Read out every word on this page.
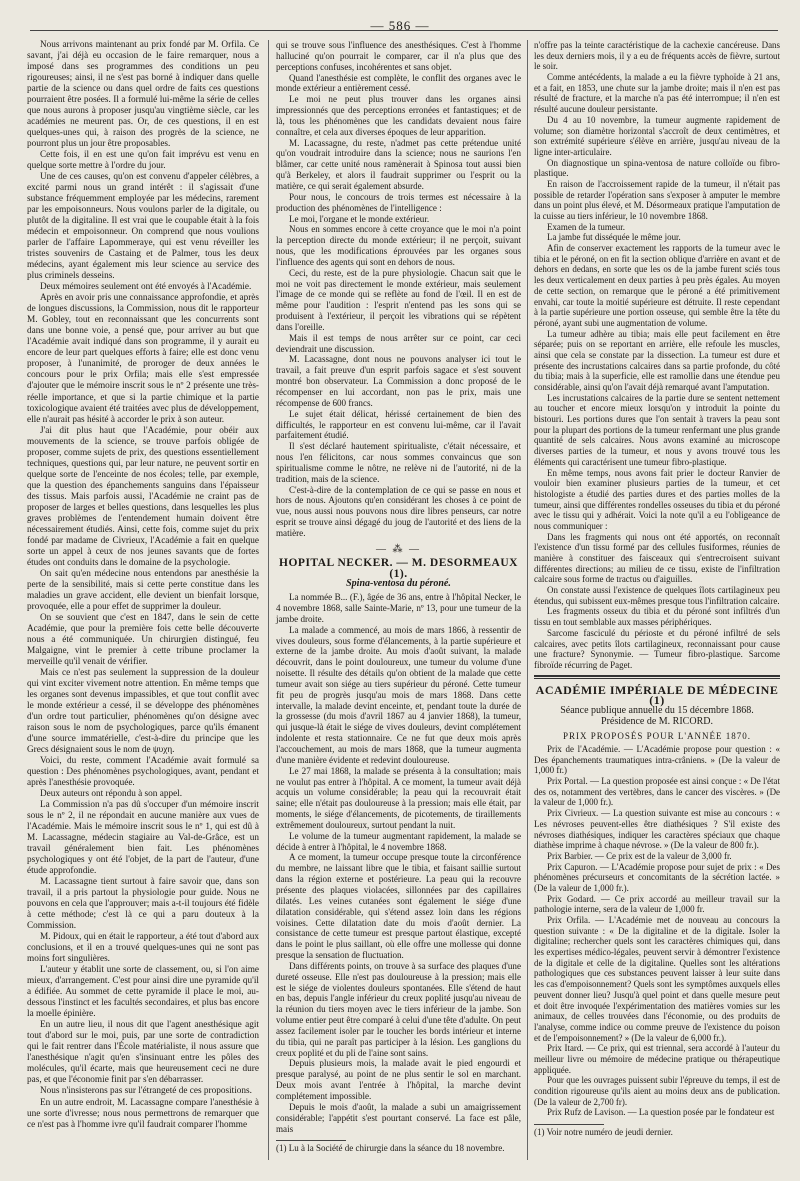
— 586 —

Nous arrivons maintenant au prix fondé par M. Orfila. Ce savant, j'ai déjà eu occasion de le faire remarquer, nous a imposé dans ses programmes des conditions un peu rigoureuses; ainsi, il ne s'est pas borné à indiquer dans quelle partie de la science ou dans quel ordre de faits ces questions pourraient être posées. Il a formulé lui-même la série de celles que nous aurons à proposer jusqu'au vingtième siècle, car les académies ne meurent pas. Or, de ces questions, il en est quelques-unes qui, à raison des progrès de la science, ne pourront plus un jour être proposables.

Cette fois, il en est une qu'on fait imprévu est venu en quelque sorte mettre à l'ordre du jour.

Une de ces causes, qu'on est convenu d'appeler célèbres, a excité parmi nous un grand intérêt : il s'agissait d'une substance fréquemment employée par les médecins, rarement par les empoisonneurs. Nous voulons parler de la digitale, ou plutôt de la digitaline. Il est vrai que le coupable était à la fois médecin et empoisonneur. On comprend que nous voulions parler de l'affaire Lapommeraye, qui est venu réveiller les tristes souvenirs de Castaing et de Palmer, tous les deux médecins, ayant également mis leur science au service des plus criminels desseins.

Deux mémoires seulement ont été envoyés à l'Académie.

Après en avoir pris une connaissance approfondie, et après de longues discussions, la Commission, nous dit le rapporteur M. Gobley, tout en reconnaissant que les concurrents sont dans une bonne voie, a pensé que, pour arriver au but que l'Académie avait indiqué dans son programme, il y aurait eu encore de leur part quelques efforts à faire; elle est donc venu proposer, à l'unanimité, de proroger de deux années le concours pour le prix Orfila; mais elle s'est empressée d'ajouter que le mémoire inscrit sous le nº 2 présente une très-réelle importance, et que si la partie chimique et la partie toxicologique avaient été traitées avec plus de développement, elle n'aurait pas hésité à accorder le prix à son auteur.

J'ai dit plus haut que l'Académie, pour obéir aux mouvements de la science, se trouve parfois obligée de proposer, comme sujets de prix, des questions essentiellement techniques, questions qui, par leur nature, ne peuvent sortir en quelque sorte de l'enceinte de nos écoles; telle, par exemple, que la question des épanchements sanguins dans l'épaisseur des tissus. Mais parfois aussi, l'Académie ne craint pas de proposer de larges et belles questions, dans lesquelles les plus graves problèmes de l'entendement humain doivent être nécessairement étudiés. Ainsi, cette fois, comme sujet du prix fondé par madame de Civrieux, l'Académie a fait en quelque sorte un appel à ceux de nos jeunes savants que de fortes études ont conduits dans le domaine de la psychologie.

On sait qu'en médecine nous entendons par anesthésie la perte de la sensibilité, mais si cette perte constitue dans les maladies un grave accident, elle devient un bienfait lorsque, provoquée, elle a pour effet de supprimer la douleur.

On se souvient que c'est en 1847, dans le sein de cette Académie, que pour la première fois cette belle découverte nous a été communiquée. Un chirurgien distingué, feu Malgaigne, vint le premier à cette tribune proclamer la merveille qu'il venait de vérifier.

Mais ce n'est pas seulement la suppression de la douleur qui vint exciter vivement notre attention. En même temps que les organes sont devenus impassibles, et que tout conflit avec le monde extérieur a cessé, il se développe des phénomènes d'un ordre tout particulier, phénomènes qu'on désigne avec raison sous le nom de psychologiques, parce qu'ils émanent d'une source immatérielle, c'est-à-dire du principe que les Grecs désignaient sous le nom de ψυχη.

Voici, du reste, comment l'Académie avait formulé sa question : Des phénomènes psychologiques, avant, pendant et après l'anesthésie provoquée.

Deux auteurs ont répondu à son appel.

La Commission n'a pas dû s'occuper d'un mémoire inscrit sous le nº 2, il ne répondait en aucune manière aux vues de l'Académie. Mais le mémoire inscrit sous le nº 1, qui est dû à M. Lacassagne, médecin stagiaire au Val-de-Grâce, est un travail généralement bien fait. Les phénomènes psychologiques y ont été l'objet, de la part de l'auteur, d'une étude approfondie.

M. Lacassagne tient surtout à faire savoir que, dans son travail, il a pris partout la physiologie pour guide. Nous ne pouvons en cela que l'approuver; mais a-t-il toujours été fidèle à cette méthode; c'est là ce qui a paru douteux à la Commission.

M. Pidoux, qui en était le rapporteur, a été tout d'abord aux conclusions, et il en a trouvé quelques-unes qui ne sont pas moins fort singulières.

L'auteur y établit une sorte de classement, ou, si l'on aime mieux, d'arrangement. C'est pour ainsi dire une pyramide qu'il a édifiée. Au sommet de cette pyramide il place le moi, au-dessous l'instinct et les facultés secondaires, et plus bas encore la moelle épinière.

En un autre lieu, il nous dit que l'agent anesthésique agit tout d'abord sur le moi, puis, par une sorte de contradiction qui le fait rentrer dans l'École matérialiste, il nous assure que l'anesthésique n'agit qu'en s'insinuant entre les pôles des molécules, qu'il écarte, mais que heureusement ceci ne dure pas, et que l'économie finit par s'en débarrasser.

Nous n'insisterons pas sur l'étrangeté de ces propositions.

En un autre endroit, M. Lacassagne compare l'anesthésie à une sorte d'ivresse; nous nous permettrons de remarquer que ce n'est pas à l'homme ivre qu'il faudrait comparer l'homme

qui se trouve sous l'influence des anesthésiques. C'est à l'homme halluciné qu'on pourrait le comparer, car il n'a plus que des perceptions confuses, incohérentes et sans objet.

Quand l'anesthésie est complète, le conflit des organes avec le monde extérieur a entièrement cessé.

Le moi ne peut plus trouver dans les organes ainsi impressionnés que des perceptions erronées et fantastiques; et de là, tous les phénomènes que les candidats devaient nous faire connaître, et cela aux diverses époques de leur apparition.

M. Lacassagne, du reste, n'admet pas cette prétendue unité qu'on voudrait introduire dans la science; nous ne saurions l'en blâmer, car cette unité nous ramènerait à Spinosa tout aussi bien qu'à Berkeley, et alors il faudrait supprimer ou l'esprit ou la matière, ce qui serait également absurde.

Pour nous, le concours de trois termes est nécessaire à la production des phénomènes de l'intelligence :

Le moi, l'organe et le monde extérieur.

Nous en sommes encore à cette croyance que le moi n'a point la perception directe du monde extérieur; il ne perçoit, suivant nous, que les modifications éprouvées par les organes sous l'influence des agents qui sont en dehors de nous.

Ceci, du reste, est de la pure physiologie. Chacun sait que le moi ne voit pas directement le monde extérieur, mais seulement l'image de ce monde qui se reflète au fond de l'œil. Il en est de même pour l'audition : l'esprit n'entend pas les sons qui se produisent à l'extérieur, il perçoit les vibrations qui se répètent dans l'oreille.

Mais il est temps de nous arrêter sur ce point, car ceci deviendrait une discussion.

M. Lacassagne, dont nous ne pouvons analyser ici tout le travail, a fait preuve d'un esprit parfois sagace et s'est souvent montré bon observateur. La Commission a donc proposé de le récompenser en lui accordant, non pas le prix, mais une récompense de 600 francs.

Le sujet était délicat, hérissé certainement de bien des difficultés, le rapporteur en est convenu lui-même, car il l'avait parfaitement étudié.

Il s'est déclaré hautement spiritualiste, c'était nécessaire, et nous l'en félicitons, car nous sommes convaincus que son spiritualisme comme le nôtre, ne relève ni de l'autorité, ni de la tradition, mais de la science.

C'est-à-dire de la contemplation de ce qui se passe en nous et hors de nous. Ajoutons qu'en considérant les choses à ce point de vue, nous aussi nous pouvons nous dire libres penseurs, car notre esprit se trouve ainsi dégagé du joug de l'autorité et des liens de la matière.

— ⁂ —
HOPITAL NECKER. — M. DESORMEAUX (1).
Spina-ventosa du péroné.

La nommée B... (F.), âgée de 36 ans, entre à l'hôpital Necker, le 4 novembre 1868, salle Sainte-Marie, nº 13, pour une tumeur de la jambe droite.

La malade a commencé, au mois de mars 1866, à ressentir de vives douleurs, sous forme d'élancements, à la partie supérieure et externe de la jambe droite. Au mois d'août suivant, la malade découvrit, dans le point douloureux, une tumeur du volume d'une noisette. Il résulte des détails qu'on obtient de la malade que cette tumeur avait son siége au tiers supérieur du péroné. Cette tumeur fit peu de progrès jusqu'au mois de mars 1868. Dans cette intervalle, la malade devint enceinte, et, pendant toute la durée de la grossesse (du mois d'avril 1867 au 4 janvier 1868), la tumeur, qui jusque-là était le siége de vives douleurs, devint complétement indolente et resta stationnaire. Ce ne fut que deux mois après l'accouchement, au mois de mars 1868, que la tumeur augmenta d'une manière évidente et redevint douloureuse.

Le 27 mai 1868, la malade se présenta à la consultation; mais ne voulut pas entrer à l'hôpital. A ce moment, la tumeur avait déjà acquis un volume considérable; la peau qui la recouvrait était saine; elle n'était pas douloureuse à la pression; mais elle était, par moments, le siége d'élancements, de picotements, de tiraillements extrêmement douloureux, surtout pendant la nuit.

Le volume de la tumeur augmentant rapidement, la malade se décide à entrer à l'hôpital, le 4 novembre 1868.

A ce moment, la tumeur occupe presque toute la circonférence du membre, ne laissant libre que le tibia, et faisant saillie surtout dans la région externe et postérieure. La peau qui la recouvre présente des plaques violacées, sillonnées par des capillaires dilatés. Les veines cutanées sont également le siége d'une dilatation considérable, qui s'étend assez loin dans les régions voisines. Cette dilatation date du mois d'août dernier. La consistance de cette tumeur est presque partout élastique, excepté dans le point le plus saillant, où elle offre une mollesse qui donne presque la sensation de fluctuation.

Dans différents points, on trouve à sa surface des plaques d'une dureté osseuse. Elle n'est pas douloureuse à la pression; mais elle est le siége de violentes douleurs spontanées. Elle s'étend de haut en bas, depuis l'angle inférieur du creux poplité jusqu'au niveau de la réunion du tiers moyen avec le tiers inférieur de la jambe. Son volume entier peut être comparé à celui d'une tête d'adulte. On peut assez facilement isoler par le toucher les bords intérieur et interne du tibia, qui ne paraît pas participer à la lésion. Les ganglions du creux poplité et du pli de l'aine sont sains.

Depuis plusieurs mois, la malade avait le pied engourdi et presque paralysé, au point de ne plus sentir le sol en marchant. Deux mois avant l'entrée à l'hôpital, la marche devint complétement impossible.

Depuis le mois d'août, la malade a subi un amaigrissement considérable; l'appétit s'est pourtant conservé. La face est pâle, mais

(1) Lu à la Société de chirurgie dans la séance du 18 novembre.

n'offre pas la teinte caractéristique de la cachexie cancéreuse. Dans les deux derniers mois, il y a eu de fréquents accès de fièvre, surtout le soir.

Comme antécédents, la malade a eu la fièvre typhoïde à 21 ans, et a fait, en 1853, une chute sur la jambe droite; mais il n'en est pas résulté de fracture, et la marche n'a pas été interrompue; il n'en est résulté aucune douleur persistante.

Du 4 au 10 novembre, la tumeur augmente rapidement de volume; son diamètre horizontal s'accroît de deux centimètres, et son extrémité supérieure s'élève en arrière, jusqu'au niveau de la ligne inter-articulaire.

On diagnostique un spina-ventosa de nature colloïde ou fibro-plastique.

En raison de l'accroissement rapide de la tumeur, il n'était pas possible de retarder l'opération sans s'exposer à amputer le membre dans un point plus élevé, et M. Désormeaux pratique l'amputation de la cuisse au tiers inférieur, le 10 novembre 1868.

Examen de la tumeur.

La jambe fut disséquée le même jour.

Afin de conserver exactement les rapports de la tumeur avec le tibia et le péroné, on en fit la section oblique d'arrière en avant et de dehors en dedans, en sorte que les os de la jambe furent sciés tous les deux verticalement en deux parties à peu près égales. Au moyen de cette section, on remarque que le péroné a été primitivement envahi, car toute la moitié supérieure est détruite. Il reste cependant à la partie supérieure une portion osseuse, qui semble être la tête du péroné, ayant subi une augmentation de volume.

La tumeur adhère au tibia; mais elle peut facilement en être séparée; puis on se reportant en arrière, elle refoule les muscles, ainsi que cela se constate par la dissection. La tumeur est dure et présente des incrustations calcaires dans sa partie profonde, du côté du tibia; mais à la superficie, elle est ramollie dans une étendue peu considérable, ainsi qu'on l'avait déjà remarqué avant l'amputation.

Les incrustations calcaires de la partie dure se sentent nettement au toucher et encore mieux lorsqu'on y introduit la pointe du bistouri. Les portions dures que l'on sentait à travers la peau sont pour la plupart des portions de la tumeur renfermant une plus grande quantité de sels calcaires. Nous avons examiné au microscope diverses parties de la tumeur, et nous y avons trouvé tous les éléments qui caractérisent une tumeur fibro-plastique.

En même temps, nous avons fait prier le docteur Ranvier de vouloir bien examiner plusieurs parties de la tumeur, et cet histologiste a étudié des parties dures et des parties molles de la tumeur, ainsi que différentes rondelles osseuses du tibia et du péroné avec le tissu qui y adhérait. Voici la note qu'il a eu l'obligeance de nous communiquer :

Dans les fragments qui nous ont été apportés, on reconnaît l'existence d'un tissu formé par des cellules fusiformes, réunies de manière à constituer des faisceaux qui s'entrecroisent suivant différentes directions; au milieu de ce tissu, existe de l'infiltration calcaire sous forme de tractus ou d'aiguilles.

On constate aussi l'existence de quelques îlots cartilagineux peu étendus, qui subissent eux-mêmes presque tous l'infiltration calcaire.

Les fragments osseux du tibia et du péroné sont infiltrés d'un tissu en tout semblable aux masses périphériques.

Sarcome fasciculé du périoste et du péroné infiltré de sels calcaires, avec petits îlots cartilagineux, reconnaissant pour cause une fracture? Synonymie. — Tumeur fibro-plastique. Sarcome fibroïde récurring de Paget.

ACADÉMIE IMPÉRIALE DE MÉDECINE (1)
Séance publique annuelle du 15 décembre 1868.
Présidence de M. RICORD.
PRIX PROPOSÉS POUR L'ANNÉE 1870.

Prix de l'Académie. — L'Académie propose pour question : « Des épanchements traumatiques intra-crâniens. » (De la valeur de 1,000 fr.)

Prix Portal. — La question proposée est ainsi conçue : « De l'état des os, notamment des vertèbres, dans le cancer des viscères. » (De la valeur de 1,000 fr.).

Prix Civrieux. — La question suivante est mise au concours : « Les névroses peuvent-elles être diathésiques ? S'il existe des névroses diathésiques, indiquer les caractères spéciaux que chaque diathèse imprime à chaque névrose. » (De la valeur de 800 fr.).

Prix Barbier. — Ce prix est de la valeur de 3,000 fr.

Prix Capuron. — L'Académie propose pour sujet de prix : « Des phénomènes précurseurs et concomitants de la sécrétion lactée. » (De la valeur de 1,000 fr.).

Prix Godard. — Ce prix accordé au meilleur travail sur la pathologie interne, sera de la valeur de 1,000 fr.

Prix Orfila. — L'Académie met de nouveau au concours la question suivante : « De la digitaline et de la digitale. Isoler la digitaline; rechercher quels sont les caractères chimiques qui, dans les expertises médico-légales, peuvent servir à démontrer l'existence de la digitale et celle de la digitaline. Quelles sont les altérations pathologiques que ces substances peuvent laisser à leur suite dans les cas d'empoisonnement? Quels sont les symptômes auxquels elles peuvent donner lieu? Jusqu'à quel point et dans quelle mesure peut et doit être invoquée l'expérimentation des matières vomies sur les animaux, de celles trouvées dans l'économie, ou des produits de l'analyse, comme indice ou comme preuve de l'existence du poison et de l'empoisonnement? » (De la valeur de 6,000 fr.).

Prix Itard. — Ce prix, qui est triennal, sera accordé à l'auteur du meilleur livre ou mémoire de médecine pratique ou thérapeutique appliquée.

Pour que les ouvrages puissent subir l'épreuve du temps, il est de condition rigoureuse qu'ils aient au moins deux ans de publication. (De la valeur de 2,700 fr).

Prix Rufz de Lavison. — La question posée par le fondateur est

(1) Voir notre numéro de jeudi dernier.
